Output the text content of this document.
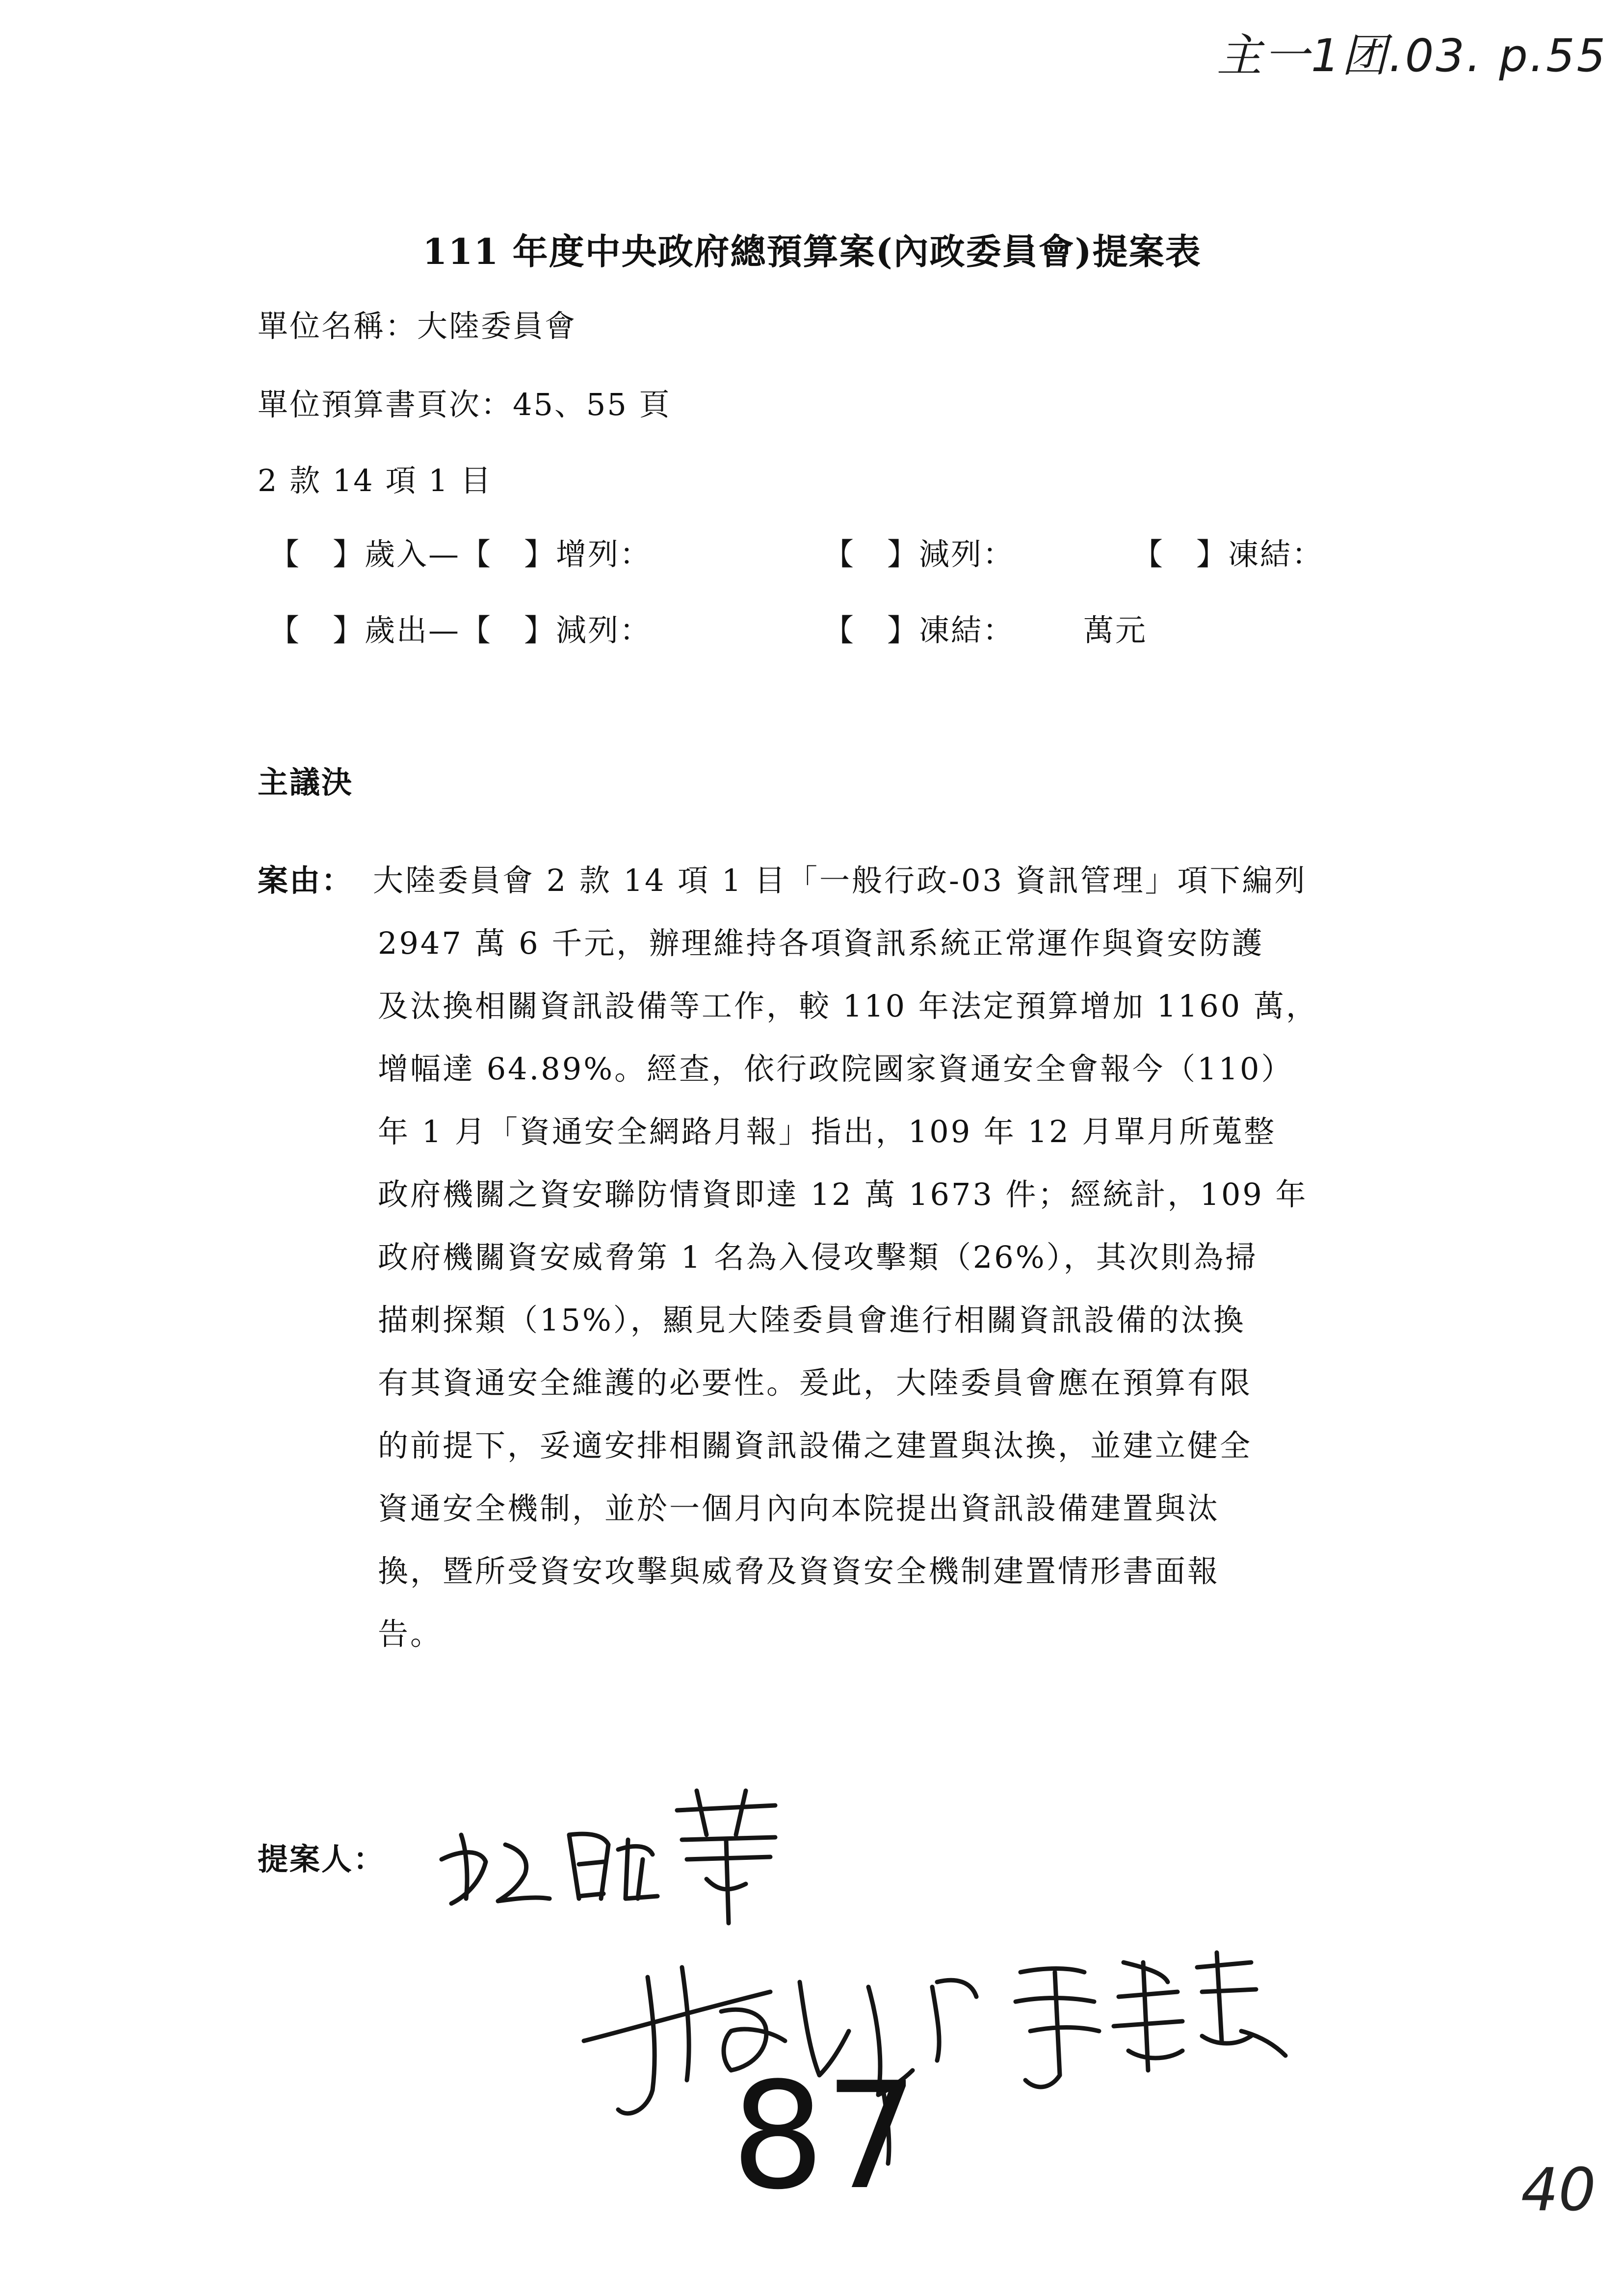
主一1团.03. p.55
111 年度中央政府總預算案(內政委員會)提案表
單位名稱：大陸委員會
單位預算書頁次：45、55 頁
2 款 14 項 1 目
【　】歲入—【　】增列：	【　】減列：	【　】凍結：
【　】歲出—【　】減列：	【　】凍結： 萬元
主議決
案由： 大陸委員會 2 款 14 項 1 目「一般行政-03 資訊管理」項下編列
2947 萬 6 千元，辦理維持各項資訊系統正常運作與資安防護
及汰換相關資訊設備等工作，較 110 年法定預算增加 1160 萬，
增幅達 64.89%。經查，依行政院國家資通安全會報今（110）
年 1 月「資通安全網路月報」指出，109 年 12 月單月所蒐整
政府機關之資安聯防情資即達 12 萬 1673 件；經統計，109 年
政府機關資安威脅第 1 名為入侵攻擊類（26%），其次則為掃
描刺探類（15%），顯見大陸委員會進行相關資訊設備的汰換
有其資通安全維護的必要性。爰此，大陸委員會應在預算有限
的前提下，妥適安排相關資訊設備之建置與汰換，並建立健全
資通安全機制，並於一個月內向本院提出資訊設備建置與汰
換，暨所受資安攻擊與威脅及資資安全機制建置情形書面報
告。
提案人：
87	40
